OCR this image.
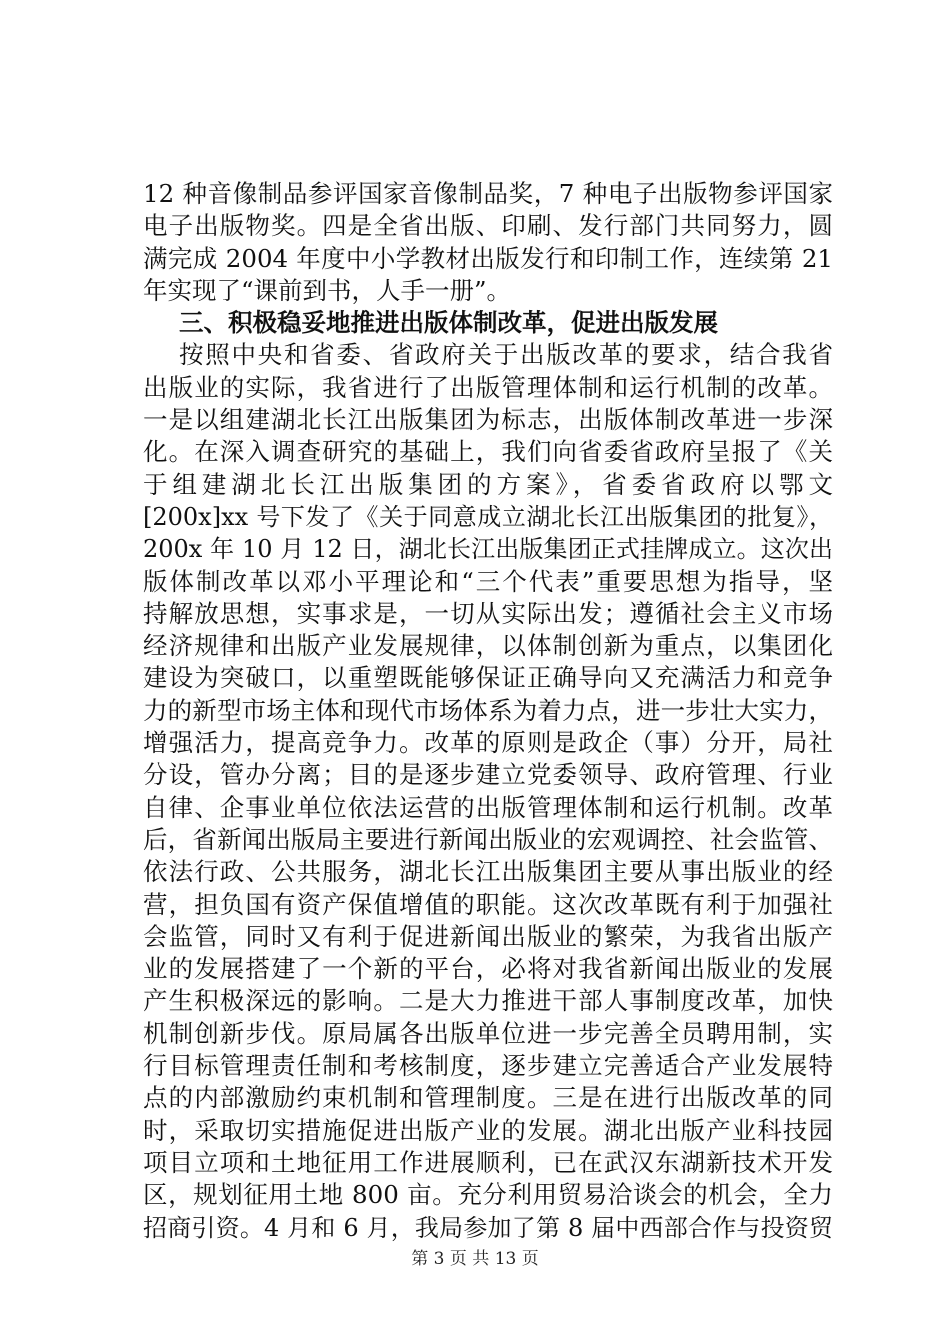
12 种音像制品参评国家音像制品奖，7 种电子出版物参评国家
电子出版物奖。四是全省出版、印刷、发行部门共同努力，圆
满完成 2004 年度中小学教材出版发行和印制工作，连续第 21
年实现了“课前到书，人手一册”。
三、积极稳妥地推进出版体制改革，促进出版发展
按照中央和省委、省政府关于出版改革的要求，结合我省
出版业的实际，我省进行了出版管理体制和运行机制的改革。
一是以组建湖北长江出版集团为标志，出版体制改革进一步深
化。在深入调查研究的基础上，我们向省委省政府呈报了《关
于组建湖北长江出版集团的方案》，省委省政府以鄂文
[200x]xx 号下发了《关于同意成立湖北长江出版集团的批复》，
200x 年 10 月 12 日，湖北长江出版集团正式挂牌成立。这次出
版体制改革以邓小平理论和“三个代表”重要思想为指导，坚
持解放思想，实事求是，一切从实际出发；遵循社会主义市场
经济规律和出版产业发展规律，以体制创新为重点，以集团化
建设为突破口，以重塑既能够保证正确导向又充满活力和竞争
力的新型市场主体和现代市场体系为着力点，进一步壮大实力，
增强活力，提高竞争力。改革的原则是政企（事）分开，局社
分设，管办分离；目的是逐步建立党委领导、政府管理、行业
自律、企事业单位依法运营的出版管理体制和运行机制。改革
后，省新闻出版局主要进行新闻出版业的宏观调控、社会监管、
依法行政、公共服务，湖北长江出版集团主要从事出版业的经
营，担负国有资产保值增值的职能。这次改革既有利于加强社
会监管，同时又有利于促进新闻出版业的繁荣，为我省出版产
业的发展搭建了一个新的平台，必将对我省新闻出版业的发展
产生积极深远的影响。二是大力推进干部人事制度改革，加快
机制创新步伐。原局属各出版单位进一步完善全员聘用制，实
行目标管理责任制和考核制度，逐步建立完善适合产业发展特
点的内部激励约束机制和管理制度。三是在进行出版改革的同
时，采取切实措施促进出版产业的发展。湖北出版产业科技园
项目立项和土地征用工作进展顺利，已在武汉东湖新技术开发
区，规划征用土地 800 亩。充分利用贸易洽谈会的机会，全力
招商引资。4 月和 6 月，我局参加了第 8 届中西部合作与投资贸
第 3 页 共 13 页
